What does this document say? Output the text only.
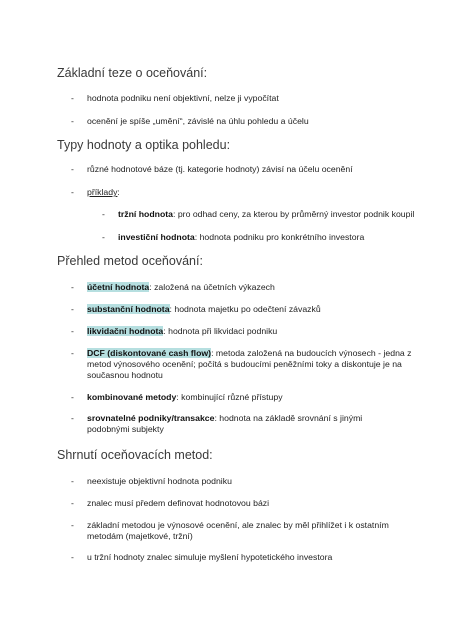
Základní teze o oceňování:
- hodnota podniku není objektivní, nelze ji vypočítat
- ocenění je spíše „umění“, závislé na úhlu pohledu a účelu
Typy hodnoty a optika pohledu:
- různé hodnotové báze (tj. kategorie hodnoty) závisí na účelu ocenění
- příklady:
- tržní hodnota: pro odhad ceny, za kterou by průměrný investor podnik koupil
- investiční hodnota: hodnota podniku pro konkrétního investora
Přehled metod oceňování:
- účetní hodnota: založená na účetních výkazech
- substanční hodnota: hodnota majetku po odečtení závazků
- likvidační hodnota: hodnota při likvidaci podniku
- DCF (diskontované cash flow): metoda založená na budoucích výnosech - jedna z metod výnosového ocenění; počítá s budoucími peněžními toky a diskontuje je na současnou hodnotu
- kombinované metody: kombinující různé přístupy
- srovnatelné podniky/transakce: hodnota na základě srovnání s jinými podobnými subjekty
Shrnutí oceňovacích metod:
- neexistuje objektivní hodnota podniku
- znalec musí předem definovat hodnotovou bázi
- základní metodou je výnosové ocenění, ale znalec by měl přihlížet i k ostatním metodám (majetkové, tržní)
- u tržní hodnoty znalec simuluje myšlení hypotetického investora
